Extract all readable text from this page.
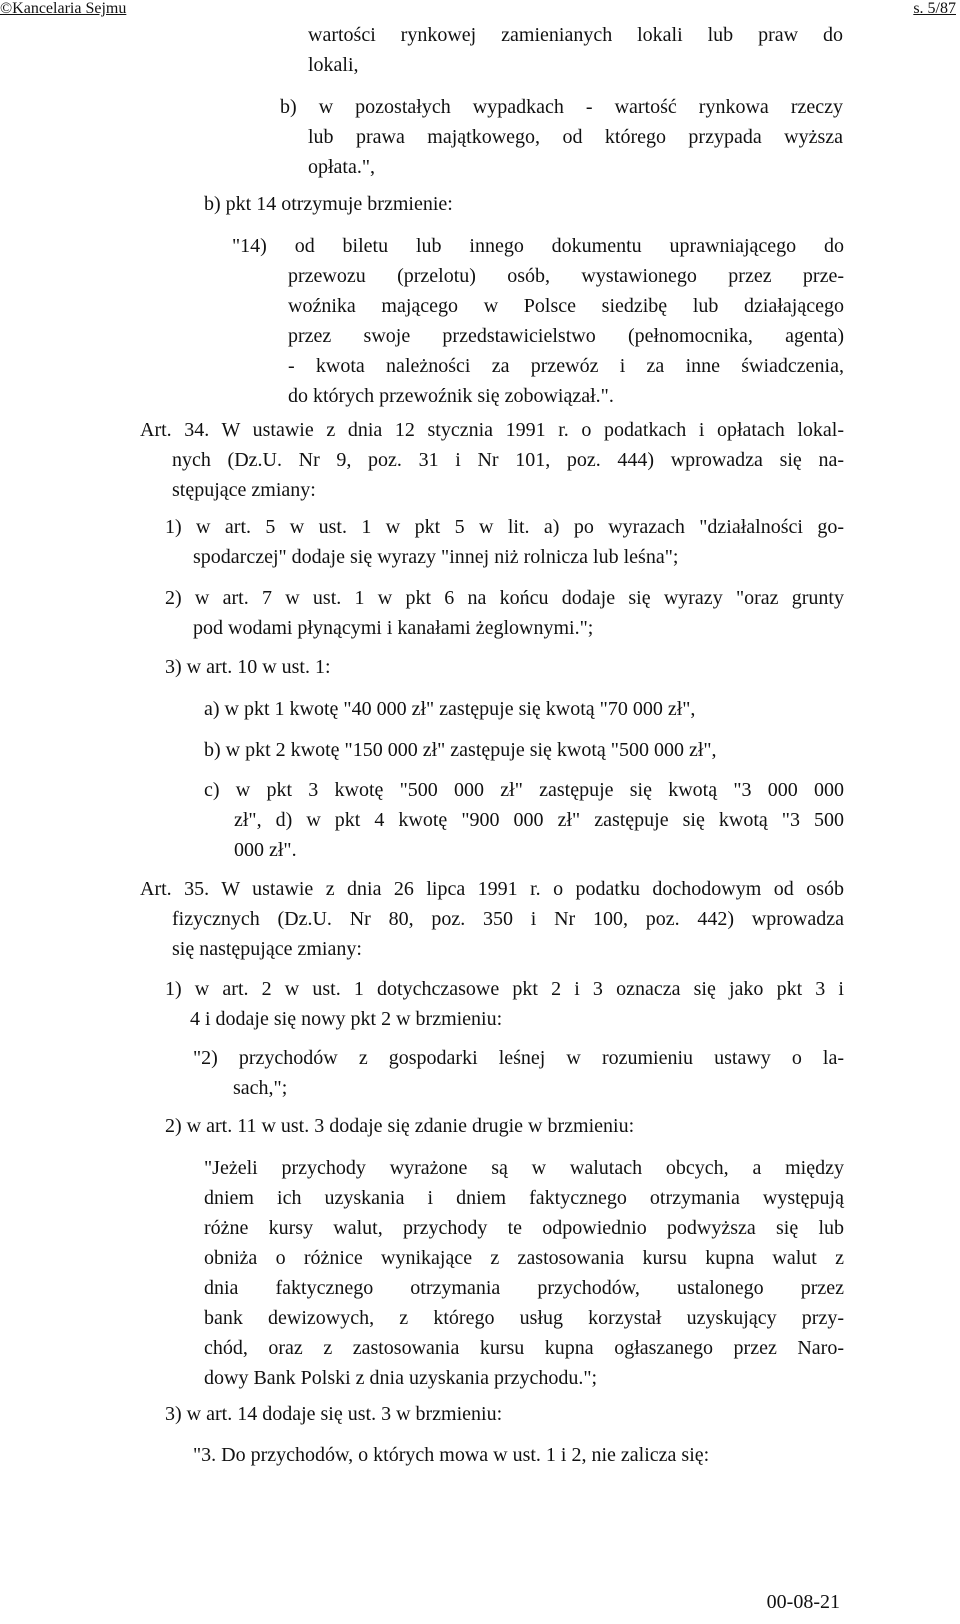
©Kancelaria Sejmu	s. 5/87

wartości rynkowej zamienianych lokali lub praw do
lokali,

b) w pozostałych wypadkach - wartość rynkowa rzeczy
lub prawa majątkowego, od którego przypada wyższa
opłata.",

b) pkt 14 otrzymuje brzmienie:

"14) od biletu lub innego dokumentu uprawniającego do
przewozu (przelotu) osób, wystawionego przez prze-
woźnika mającego w Polsce siedzibę lub działającego
przez swoje przedstawicielstwo (pełnomocnika, agenta)
- kwota należności za przewóz i za inne świadczenia,
do których przewoźnik się zobowiązał.".

Art. 34. W ustawie z dnia 12 stycznia 1991 r. o podatkach i opłatach lokal-
nych (Dz.U. Nr 9, poz. 31 i Nr 101, poz. 444) wprowadza się na-
stępujące zmiany:

1) w art. 5 w ust. 1 w pkt 5 w lit. a) po wyrazach "działalności go-
spodarczej" dodaje się wyrazy "innej niż rolnicza lub leśna";

2) w art. 7 w ust. 1 w pkt 6 na końcu dodaje się wyrazy "oraz grunty
pod wodami płynącymi i kanałami żeglownymi.";

3) w art. 10 w ust. 1:

a) w pkt 1 kwotę "40 000 zł" zastępuje się kwotą "70 000 zł",

b) w pkt 2 kwotę "150 000 zł" zastępuje się kwotą "500 000 zł",

c) w pkt 3 kwotę "500 000 zł" zastępuje się kwotą "3 000 000
zł", d) w pkt 4 kwotę "900 000 zł" zastępuje się kwotą "3 500
000 zł".

Art. 35. W ustawie z dnia 26 lipca 1991 r. o podatku dochodowym od osób
fizycznych (Dz.U. Nr 80, poz. 350 i Nr 100, poz. 442) wprowadza
się następujące zmiany:

1) w art. 2 w ust. 1 dotychczasowe pkt 2 i 3 oznacza się jako pkt 3 i
4 i dodaje się nowy pkt 2 w brzmieniu:

"2) przychodów z gospodarki leśnej w rozumieniu ustawy o la-
sach,";

2) w art. 11 w ust. 3 dodaje się zdanie drugie w brzmieniu:

"Jeżeli przychody wyrażone są w walutach obcych, a między
dniem ich uzyskania i dniem faktycznego otrzymania występują
różne kursy walut, przychody te odpowiednio podwyższa się lub
obniża o różnice wynikające z zastosowania kursu kupna walut z
dnia faktycznego otrzymania przychodów, ustalonego przez
bank dewizowych, z którego usług korzystał uzyskujący przy-
chód, oraz z zastosowania kursu kupna ogłaszanego przez Naro-
dowy Bank Polski z dnia uzyskania przychodu.";

3) w art. 14 dodaje się ust. 3 w brzmieniu:

"3. Do przychodów, o których mowa w ust. 1 i 2, nie zalicza się:

00-08-21
